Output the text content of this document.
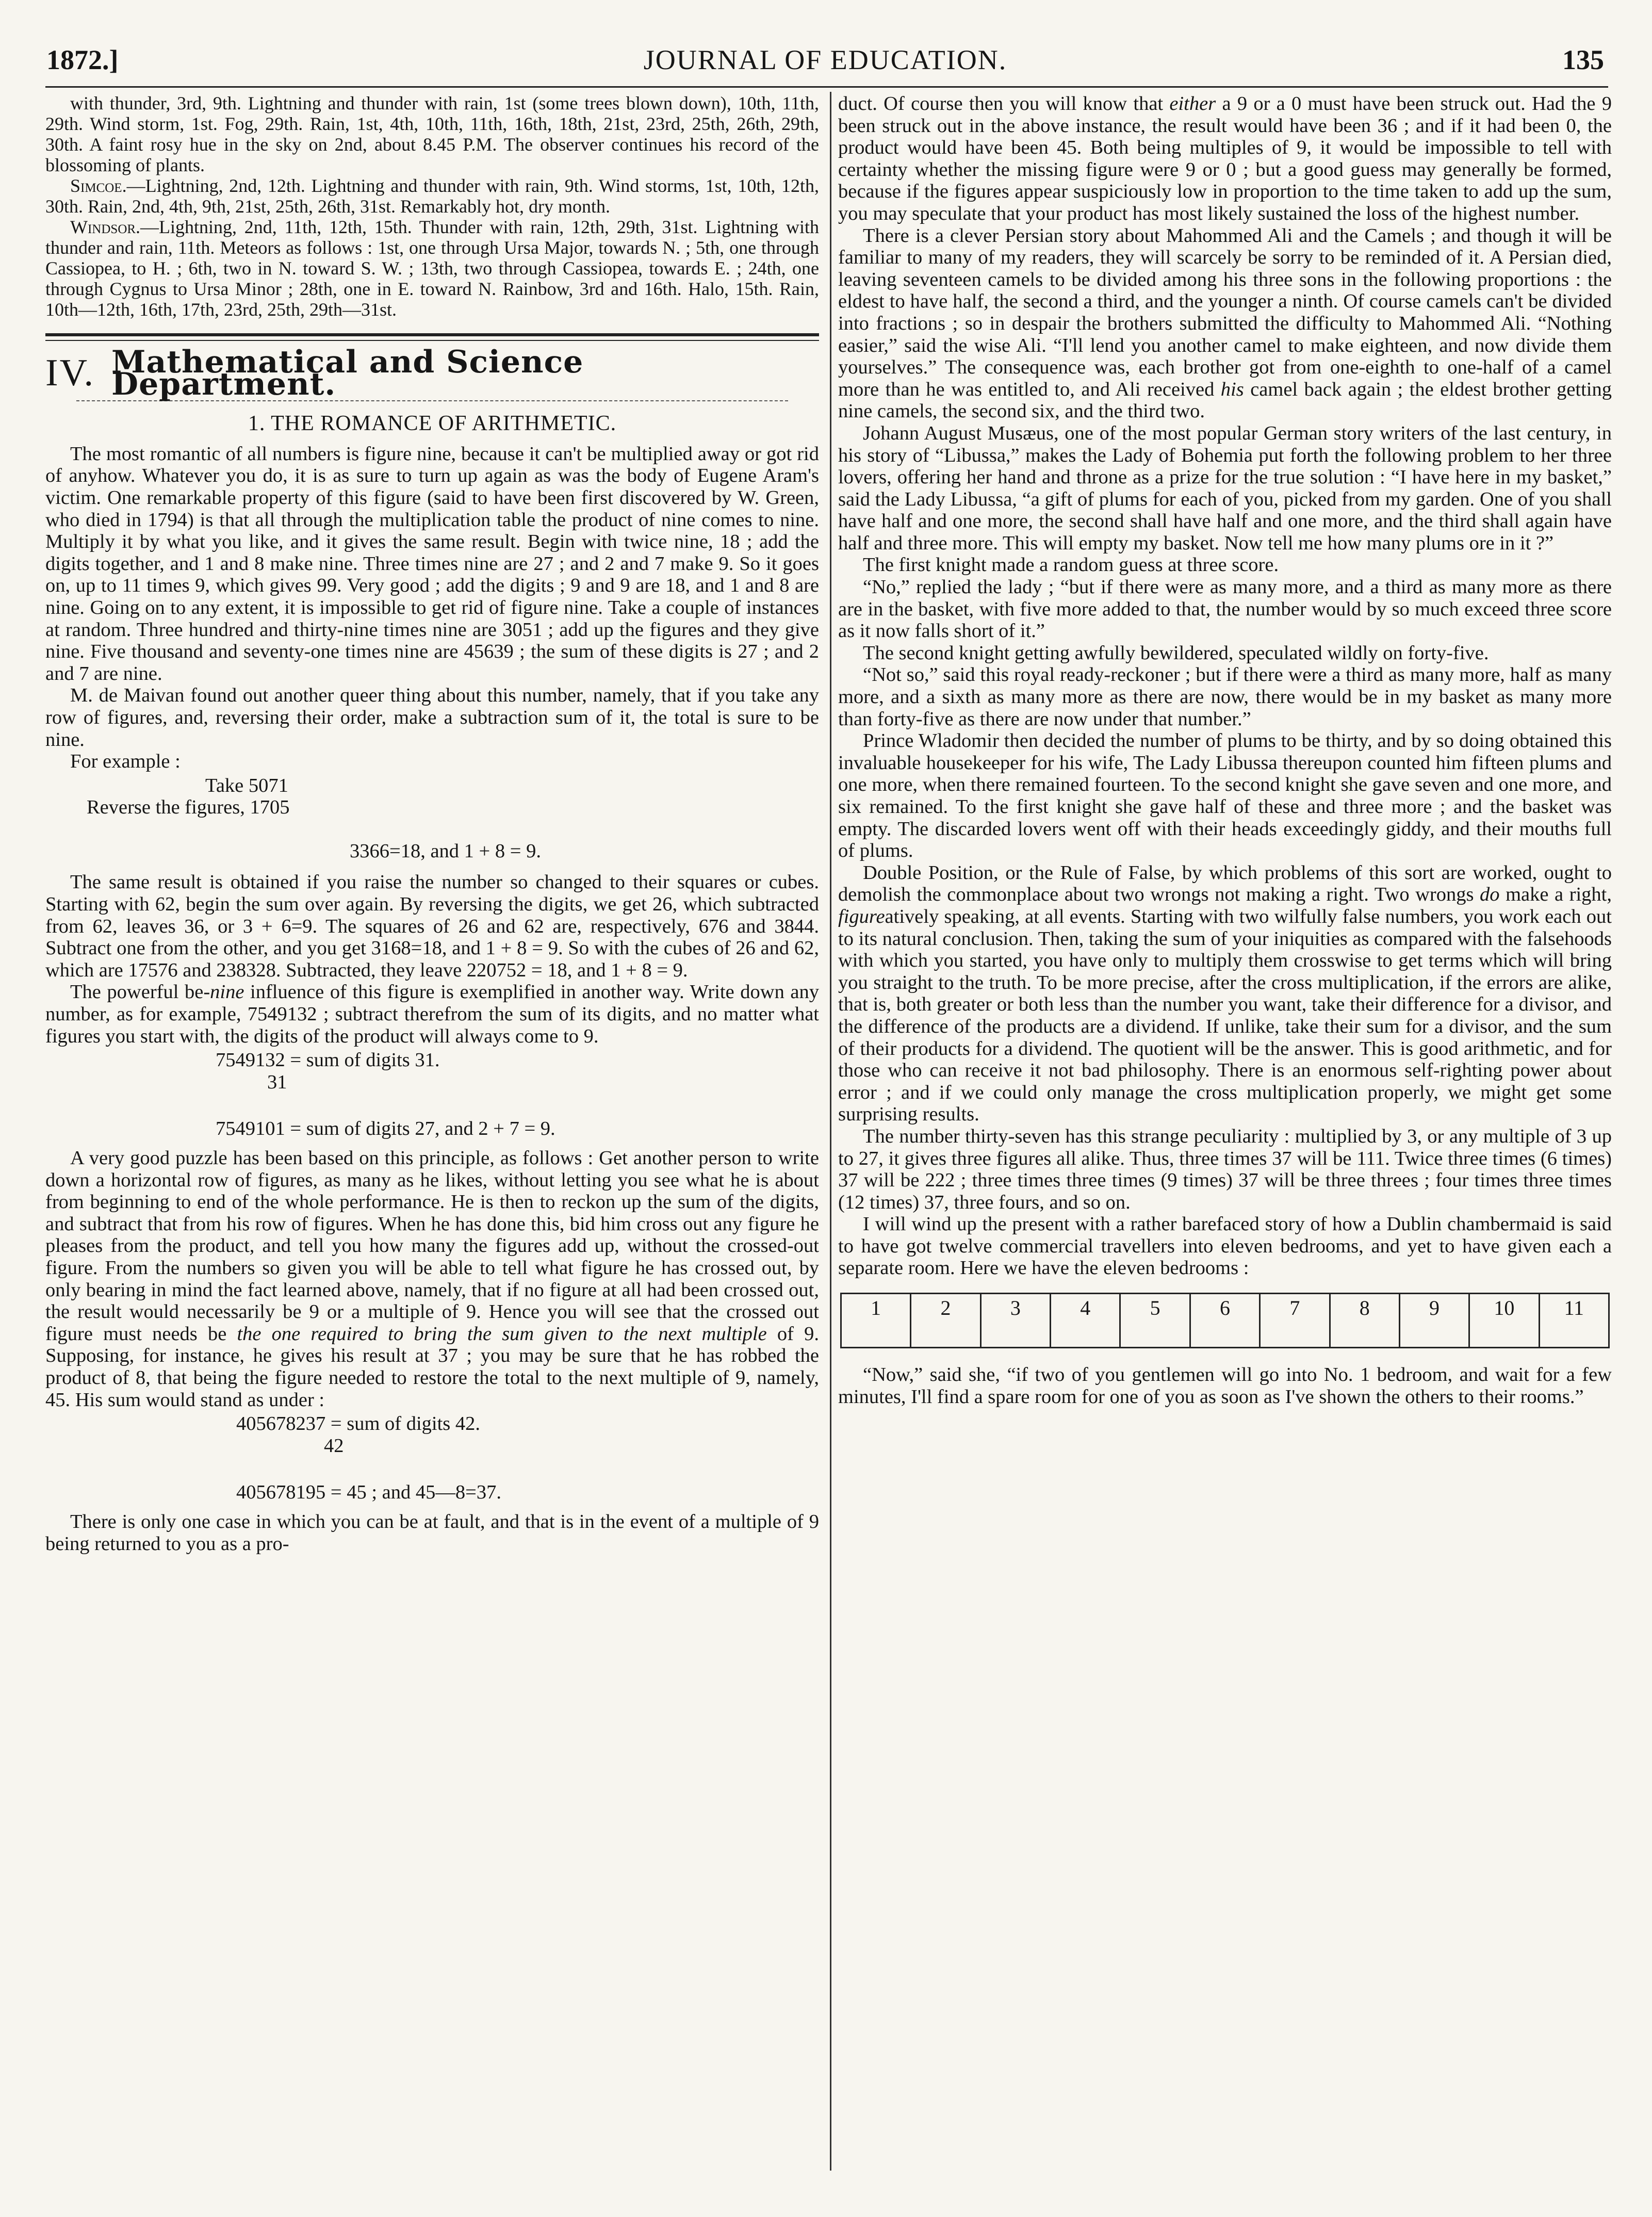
1872.]	JOURNAL OF EDUCATION.	135

with thunder, 3rd, 9th. Lightning and thunder with rain, 1st (some trees blown down), 10th, 11th, 29th. Wind storm, 1st. Fog, 29th. Rain, 1st, 4th, 10th, 11th, 16th, 18th, 21st, 23rd, 25th, 26th, 29th, 30th. A faint rosy hue in the sky on 2nd, about 8.45 P.M. The observer continues his record of the blossoming of plants.

Simcoe.—Lightning, 2nd, 12th. Lightning and thunder with rain, 9th. Wind storms, 1st, 10th, 12th, 30th. Rain, 2nd, 4th, 9th, 21st, 25th, 26th, 31st. Remarkably hot, dry month.

Windsor.—Lightning, 2nd, 11th, 12th, 15th. Thunder with rain, 12th, 29th, 31st. Lightning with thunder and rain, 11th. Meteors as follows : 1st, one through Ursa Major, towards N. ; 5th, one through Cassiopea, to H. ; 6th, two in N. toward S. W. ; 13th, two through Cassiopea, towards E. ; 24th, one through Cygnus to Ursa Minor ; 28th, one in E. toward N. Rainbow, 3rd and 16th. Halo, 15th. Rain, 10th—12th, 16th, 17th, 23rd, 25th, 29th—31st.

IV. Mathematical and Science Department.
1. THE ROMANCE OF ARITHMETIC.

The most romantic of all numbers is figure nine, because it can't be multiplied away or got rid of anyhow. Whatever you do, it is as sure to turn up again as was the body of Eugene Aram's victim. One remarkable property of this figure (said to have been first discovered by W. Green, who died in 1794) is that all through the multiplication table the product of nine comes to nine. Multiply it by what you like, and it gives the same result. Begin with twice nine, 18 ; add the digits together, and 1 and 8 make nine. Three times nine are 27 ; and 2 and 7 make 9. So it goes on, up to 11 times 9, which gives 99. Very good ; add the digits ; 9 and 9 are 18, and 1 and 8 are nine. Going on to any extent, it is impossible to get rid of figure nine. Take a couple of instances at random. Three hundred and thirty-nine times nine are 3051 ; add up the figures and they give nine. Five thousand and seventy-one times nine are 45639 ; the sum of these digits is 27 ; and 2 and 7 are nine.

M. de Maivan found out another queer thing about this number, namely, that if you take any row of figures, and, reversing their order, make a subtraction sum of it, the total is sure to be nine.

For example :

Take 5071
Reverse the figures, 1705
3366=18, and 1 + 8 = 9.

The same result is obtained if you raise the number so changed to their squares or cubes. Starting with 62, begin the sum over again. By reversing the digits, we get 26, which subtracted from 62, leaves 36, or 3 + 6=9. The squares of 26 and 62 are, respectively, 676 and 3844. Subtract one from the other, and you get 3168=18, and 1 + 8 = 9. So with the cubes of 26 and 62, which are 17576 and 238328. Subtracted, they leave 220752 = 18, and 1 + 8 = 9.

The powerful be-nine influence of this figure is exemplified in another way. Write down any number, as for example, 7549132 ; subtract therefrom the sum of its digits, and no matter what figures you start with, the digits of the product will always come to 9.

7549132 = sum of digits 31.
31
7549101 = sum of digits 27, and 2 + 7 = 9.

A very good puzzle has been based on this principle, as follows : Get another person to write down a horizontal row of figures, as many as he likes, without letting you see what he is about from beginning to end of the whole performance. He is then to reckon up the sum of the digits, and subtract that from his row of figures. When he has done this, bid him cross out any figure he pleases from the product, and tell you how many the figures add up, without the crossed-out figure. From the numbers so given you will be able to tell what figure he has crossed out, by only bearing in mind the fact learned above, namely, that if no figure at all had been crossed out, the result would necessarily be 9 or a multiple of 9. Hence you will see that the crossed out figure must needs be the one required to bring the sum given to the next multiple of 9. Supposing, for instance, he gives his result at 37 ; you may be sure that he has robbed the product of 8, that being the figure needed to restore the total to the next multiple of 9, namely, 45. His sum would stand as under :

405678237 = sum of digits 42.
42
405678195 = 45 ; and 45—8=37.

There is only one case in which you can be at fault, and that is in the event of a multiple of 9 being returned to you as a pro-

duct. Of course then you will know that either a 9 or a 0 must have been struck out. Had the 9 been struck out in the above instance, the result would have been 36 ; and if it had been 0, the product would have been 45. Both being multiples of 9, it would be impossible to tell with certainty whether the missing figure were 9 or 0 ; but a good guess may generally be formed, because if the figures appear suspiciously low in proportion to the time taken to add up the sum, you may speculate that your product has most likely sustained the loss of the highest number.

There is a clever Persian story about Mahommed Ali and the Camels ; and though it will be familiar to many of my readers, they will scarcely be sorry to be reminded of it. A Persian died, leaving seventeen camels to be divided among his three sons in the following proportions : the eldest to have half, the second a third, and the younger a ninth. Of course camels can't be divided into fractions ; so in despair the brothers submitted the difficulty to Mahommed Ali. “Nothing easier,” said the wise Ali. “I'll lend you another camel to make eighteen, and now divide them yourselves.” The consequence was, each brother got from one-eighth to one-half of a camel more than he was entitled to, and Ali received his camel back again ; the eldest brother getting nine camels, the second six, and the third two.

Johann August Musæus, one of the most popular German story writers of the last century, in his story of “Libussa,” makes the Lady of Bohemia put forth the following problem to her three lovers, offering her hand and throne as a prize for the true solution : “I have here in my basket,” said the Lady Libussa, “a gift of plums for each of you, picked from my garden. One of you shall have half and one more, the second shall have half and one more, and the third shall again have half and three more. This will empty my basket. Now tell me how many plums ore in it ?”

The first knight made a random guess at three score.

“No,” replied the lady ; “but if there were as many more, and a third as many more as there are in the basket, with five more added to that, the number would by so much exceed three score as it now falls short of it.”

The second knight getting awfully bewildered, speculated wildly on forty-five.

“Not so,” said this royal ready-reckoner ; but if there were a third as many more, half as many more, and a sixth as many more as there are now, there would be in my basket as many more than forty-five as there are now under that number.”

Prince Wladomir then decided the number of plums to be thirty, and by so doing obtained this invaluable housekeeper for his wife, The Lady Libussa thereupon counted him fifteen plums and one more, when there remained fourteen. To the second knight she gave seven and one more, and six remained. To the first knight she gave half of these and three more ; and the basket was empty. The discarded lovers went off with their heads exceedingly giddy, and their mouths full of plums.

Double Position, or the Rule of False, by which problems of this sort are worked, ought to demolish the commonplace about two wrongs not making a right. Two wrongs do make a right, figureatively speaking, at all events. Starting with two wilfully false numbers, you work each out to its natural conclusion. Then, taking the sum of your iniquities as compared with the falsehoods with which you started, you have only to multiply them crosswise to get terms which will bring you straight to the truth. To be more precise, after the cross multiplication, if the errors are alike, that is, both greater or both less than the number you want, take their difference for a divisor, and the difference of the products are a dividend. If unlike, take their sum for a divisor, and the sum of their products for a dividend. The quotient will be the answer. This is good arithmetic, and for those who can receive it not bad philosophy. There is an enormous self-righting power about error ; and if we could only manage the cross multiplication properly, we might get some surprising results.

The number thirty-seven has this strange peculiarity : multiplied by 3, or any multiple of 3 up to 27, it gives three figures all alike. Thus, three times 37 will be 111. Twice three times (6 times) 37 will be 222 ; three times three times (9 times) 37 will be three threes ; four times three times (12 times) 37, three fours, and so on.

I will wind up the present with a rather barefaced story of how a Dublin chambermaid is said to have got twelve commercial travellers into eleven bedrooms, and yet to have given each a separate room. Here we have the eleven bedrooms :

1	2	3	4	5	6	7	8	9	10	11

“Now,” said she, “if two of you gentlemen will go into No. 1 bedroom, and wait for a few minutes, I'll find a spare room for one of you as soon as I've shown the others to their rooms.”
